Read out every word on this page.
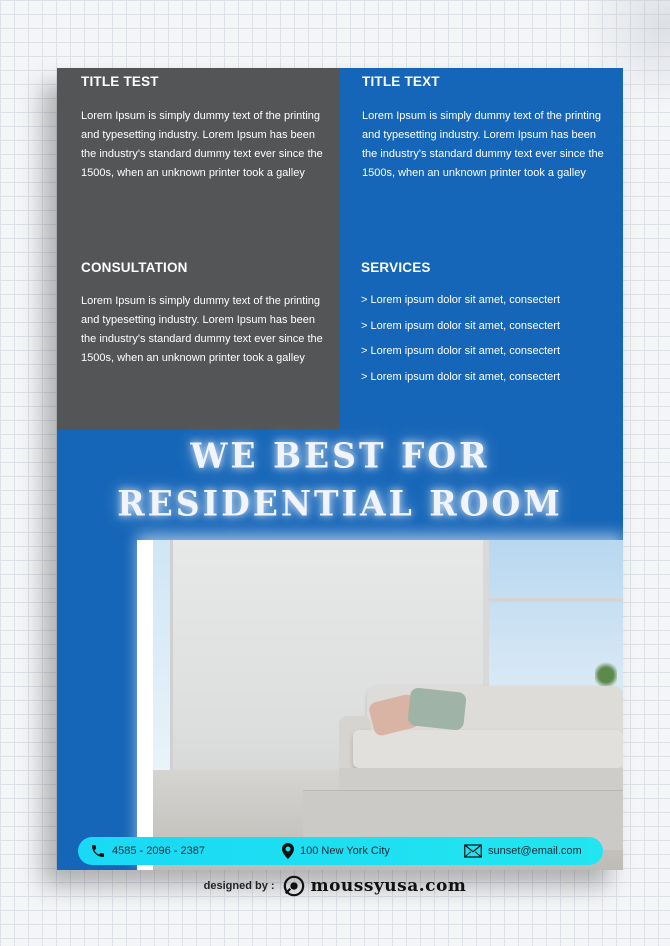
TITLE TEST
Lorem Ipsum is simply dummy text of the printing and typesetting industry. Lorem Ipsum has been the industry's standard dummy text ever since the 1500s, when an unknown printer took a galley
TITLE TEXT
Lorem Ipsum is simply dummy text of the printing and typesetting industry. Lorem Ipsum has been the industry's standard dummy text ever since the 1500s, when an unknown printer took a galley
CONSULTATION
Lorem Ipsum is simply dummy text of the printing and typesetting industry. Lorem Ipsum has been the industry's standard dummy text ever since the 1500s, when an unknown printer took a galley
SERVICES
> Lorem ipsum dolor sit amet, consectert
> Lorem ipsum dolor sit amet, consectert
> Lorem ipsum dolor sit amet, consectert
> Lorem ipsum dolor sit amet, consectert
WE BEST FOR
RESIDENTIAL ROOM
4585 - 2096 - 2387	100 New York City	sunset@email.com
designed by : moussyusa.com
